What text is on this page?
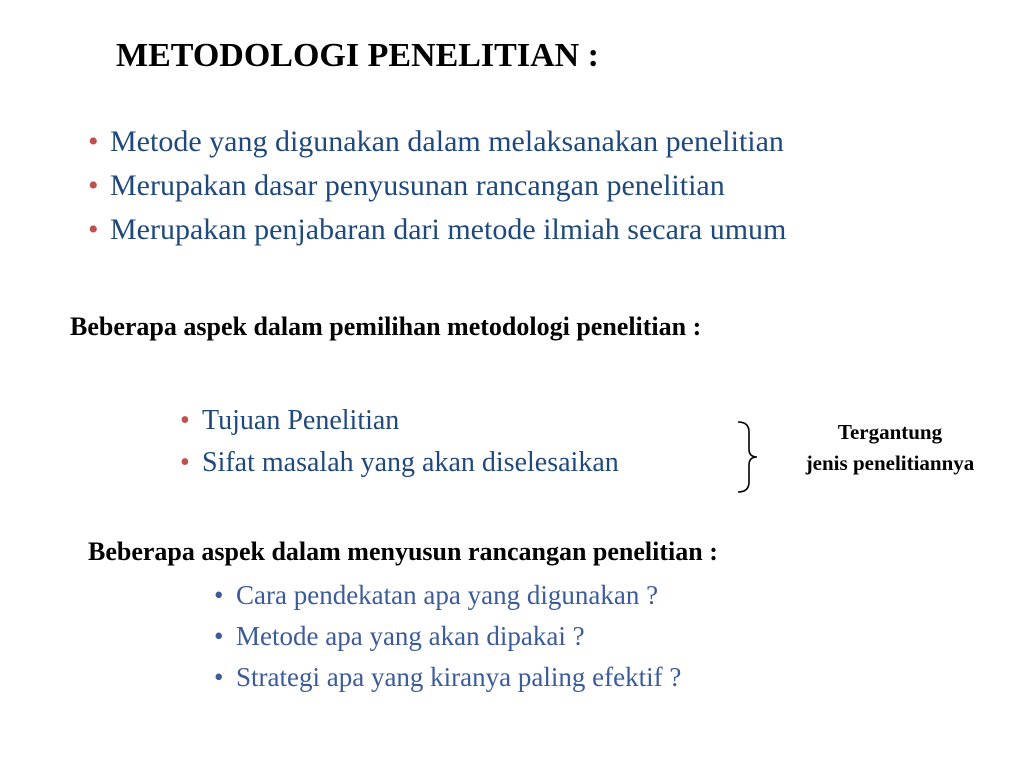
METODOLOGI PENELITIAN :
• Metode yang digunakan dalam melaksanakan penelitian
• Merupakan dasar penyusunan rancangan penelitian
• Merupakan penjabaran dari metode ilmiah secara umum
Beberapa aspek dalam pemilihan metodologi penelitian :
• Tujuan Penelitian
• Sifat masalah yang akan diselesaikan
Tergantung
jenis penelitiannya
Beberapa aspek dalam menyusun rancangan penelitian :
• Cara pendekatan apa yang digunakan ?
• Metode apa yang akan dipakai ?
• Strategi apa yang kiranya paling efektif ?
